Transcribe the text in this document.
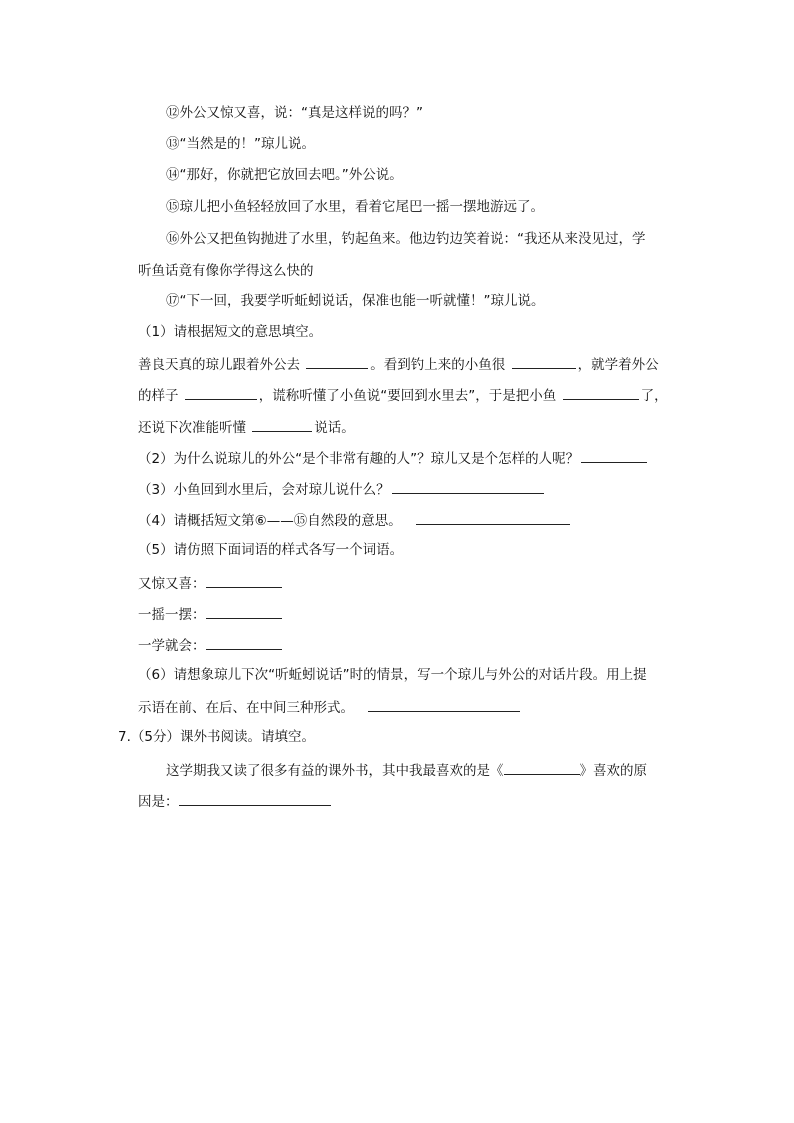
⑫外公又惊又喜，说：“真是这样说的吗？”
⑬“当然是的！”琼儿说。
⑭“那好，你就把它放回去吧。”外公说。
⑮琼儿把小鱼轻轻放回了水里，看着它尾巴一摇一摆地游远了。
⑯外公又把鱼钩抛进了水里，钓起鱼来。他边钓边笑着说：“我还从来没见过，学
听鱼话竟有像你学得这么快的
⑰“下一回，我要学听蚯蚓说话，保准也能一听就懂！”琼儿说。
（1）请根据短文的意思填空。
善良天真的琼儿跟着外公去	。看到钓上来的小鱼很	，就学着外公
的样子	，谎称听懂了小鱼说“要回到水里去”，于是把小鱼	了，
还说下次准能听懂	说话。
（2）为什么说琼儿的外公“是个非常有趣的人”？琼儿又是个怎样的人呢？
（3）小鱼回到水里后，会对琼儿说什么？
（4）请概括短文第⑥——⑮自然段的意思。
（5）请仿照下面词语的样式各写一个词语。
又惊又喜：
一摇一摆：
一学就会：
（6）请想象琼儿下次“听蚯蚓说话”时的情景，写一个琼儿与外公的对话片段。用上提
示语在前、在后、在中间三种形式。
7.（5分）课外书阅读。请填空。
这学期我又读了很多有益的课外书，其中我最喜欢的是《	》喜欢的原
因是：
